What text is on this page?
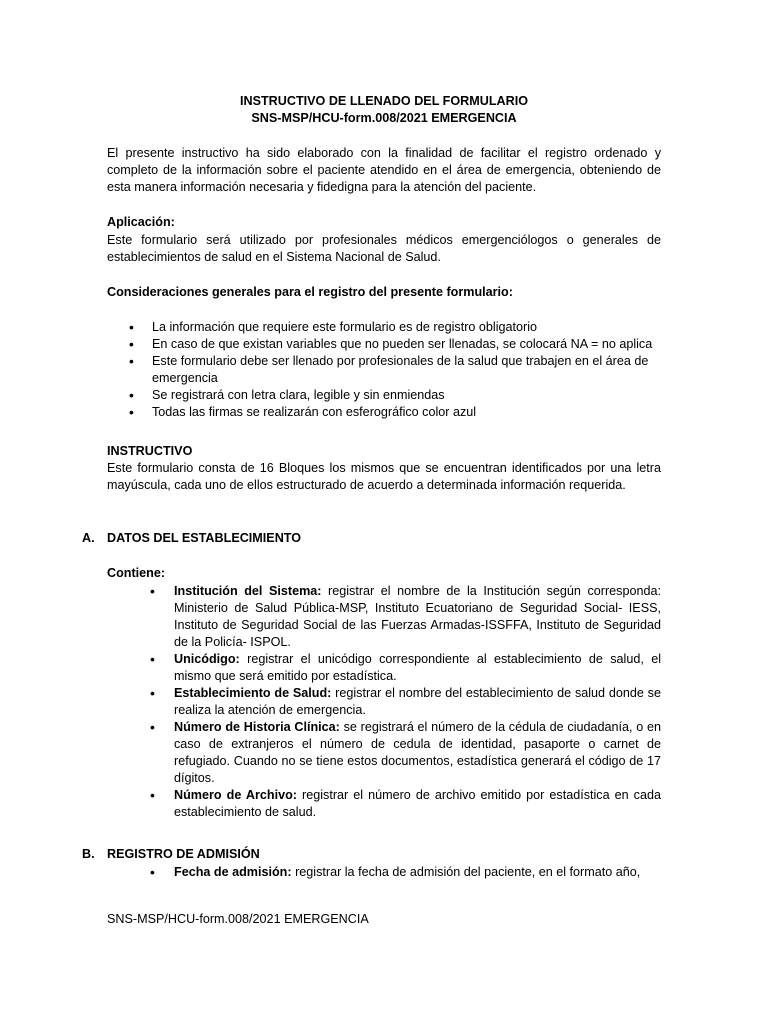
INSTRUCTIVO DE LLENADO DEL FORMULARIO
SNS-MSP/HCU-form.008/2021 EMERGENCIA
El presente instructivo ha sido elaborado con la finalidad de facilitar el registro ordenado y completo de la información sobre el paciente atendido en el área de emergencia, obteniendo de esta manera información necesaria y fidedigna para la atención del paciente.
Aplicación:
Este formulario será utilizado por profesionales médicos emergenciólogos o generales de establecimientos de salud en el Sistema Nacional de Salud.
Consideraciones generales para el registro del presente formulario:
• La información que requiere este formulario es de registro obligatorio
• En caso de que existan variables que no pueden ser llenadas, se colocará NA = no aplica
• Este formulario debe ser llenado por profesionales de la salud que trabajen en el área de emergencia
• Se registrará con letra clara, legible y sin enmiendas
• Todas las firmas se realizarán con esferográfico color azul
INSTRUCTIVO
Este formulario consta de 16 Bloques los mismos que se encuentran identificados por una letra mayúscula, cada uno de ellos estructurado de acuerdo a determinada información requerida.
A. DATOS DEL ESTABLECIMIENTO
Contiene:
• Institución del Sistema: registrar el nombre de la Institución según corresponda: Ministerio de Salud Pública-MSP, Instituto Ecuatoriano de Seguridad Social- IESS, Instituto de Seguridad Social de las Fuerzas Armadas-ISSFFA, Instituto de Seguridad de la Policía- ISPOL.
• Unicódigo: registrar el unicódigo correspondiente al establecimiento de salud, el mismo que será emitido por estadística.
• Establecimiento de Salud: registrar el nombre del establecimiento de salud donde se realiza la atención de emergencia.
• Número de Historia Clínica: se registrará el número de la cédula de ciudadanía, o en caso de extranjeros el número de cedula de identidad, pasaporte o carnet de refugiado. Cuando no se tiene estos documentos, estadística generará el código de 17 dígitos.
• Número de Archivo: registrar el número de archivo emitido por estadística en cada establecimiento de salud.
B. REGISTRO DE ADMISIÓN
• Fecha de admisión: registrar la fecha de admisión del paciente, en el formato año,
SNS-MSP/HCU-form.008/2021 EMERGENCIA
